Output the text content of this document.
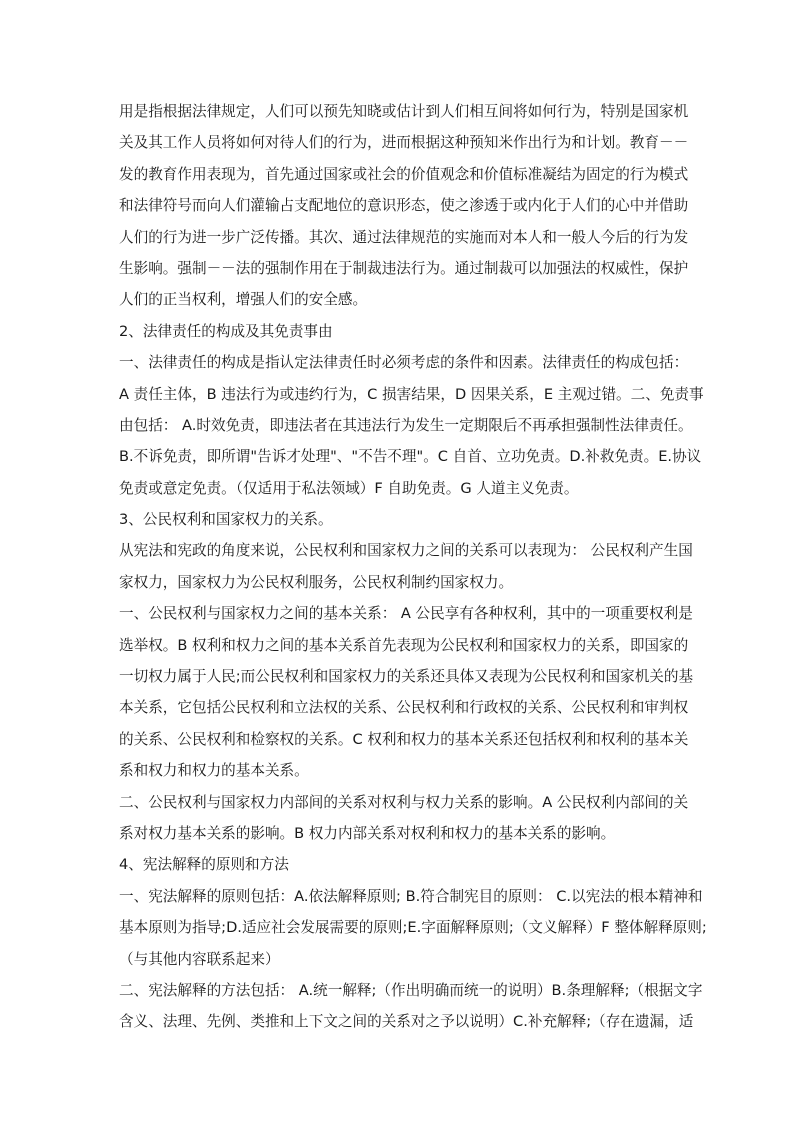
用是指根据法律规定，人们可以预先知晓或估计到人们相互间将如何行为，特别是国家机
关及其工作人员将如何对待人们的行为，进而根据这种预知米作出行为和计划。教育－－
发的教育作用表现为，首先通过国家或社会的价值观念和价值标准凝结为固定的行为模式
和法律符号而向人们灌输占支配地位的意识形态，使之渗透于或内化于人们的心中并借助
人们的行为进一步广泛传播。其次、通过法律规范的实施而对本人和一般人今后的行为发
生影响。强制－－法的强制作用在于制裁违法行为。通过制裁可以加强法的权威性，保护
人们的正当权利，增强人们的安全感。
2、法律责任的构成及其免责事由
一、法律责任的构成是指认定法律责任时必须考虑的条件和因素。法律责任的构成包括：
A 责任主体，B 违法行为或违约行为，C 损害结果，D 因果关系，E 主观过错。二、免责事
由包括： A.时效免责，即违法者在其违法行为发生一定期限后不再承担强制性法律责任。
B.不诉免责，即所谓"告诉才处理"、"不告不理"。C 自首、立功免责。D.补救免责。E.协议
免责或意定免责。（仅适用于私法领域）F 自助免责。G 人道主义免责。
3、公民权利和国家权力的关系。
从宪法和宪政的角度来说，公民权利和国家权力之间的关系可以表现为： 公民权利产生国
家权力，国家权力为公民权利服务，公民权利制约国家权力。
一、公民权利与国家权力之间的基本关系： A 公民享有各种权利，其中的一项重要权利是
选举权。B 权利和权力之间的基本关系首先表现为公民权利和国家权力的关系，即国家的
一切权力属于人民;而公民权利和国家权力的关系还具体又表现为公民权利和国家机关的基
本关系，它包括公民权利和立法权的关系、公民权利和行政权的关系、公民权利和审判权
的关系、公民权利和检察权的关系。C 权利和权力的基本关系还包括权利和权利的基本关
系和权力和权力的基本关系。
二、公民权利与国家权力内部间的关系对权利与权力关系的影响。A 公民权利内部间的关
系对权力基本关系的影响。B 权力内部关系对权利和权力的基本关系的影响。
4、宪法解释的原则和方法
一、宪法解释的原则包括：A.依法解释原则; B.符合制宪目的原则： C.以宪法的根本精神和
基本原则为指导;D.适应社会发展需要的原则;E.字面解释原则;（文义解释）F 整体解释原则;
（与其他内容联系起来）
二、宪法解释的方法包括： A.统一解释;（作出明确而统一的说明）B.条理解释;（根据文字
含义、法理、先例、类推和上下文之间的关系对之予以说明）C.补充解释;（存在遗漏，适
